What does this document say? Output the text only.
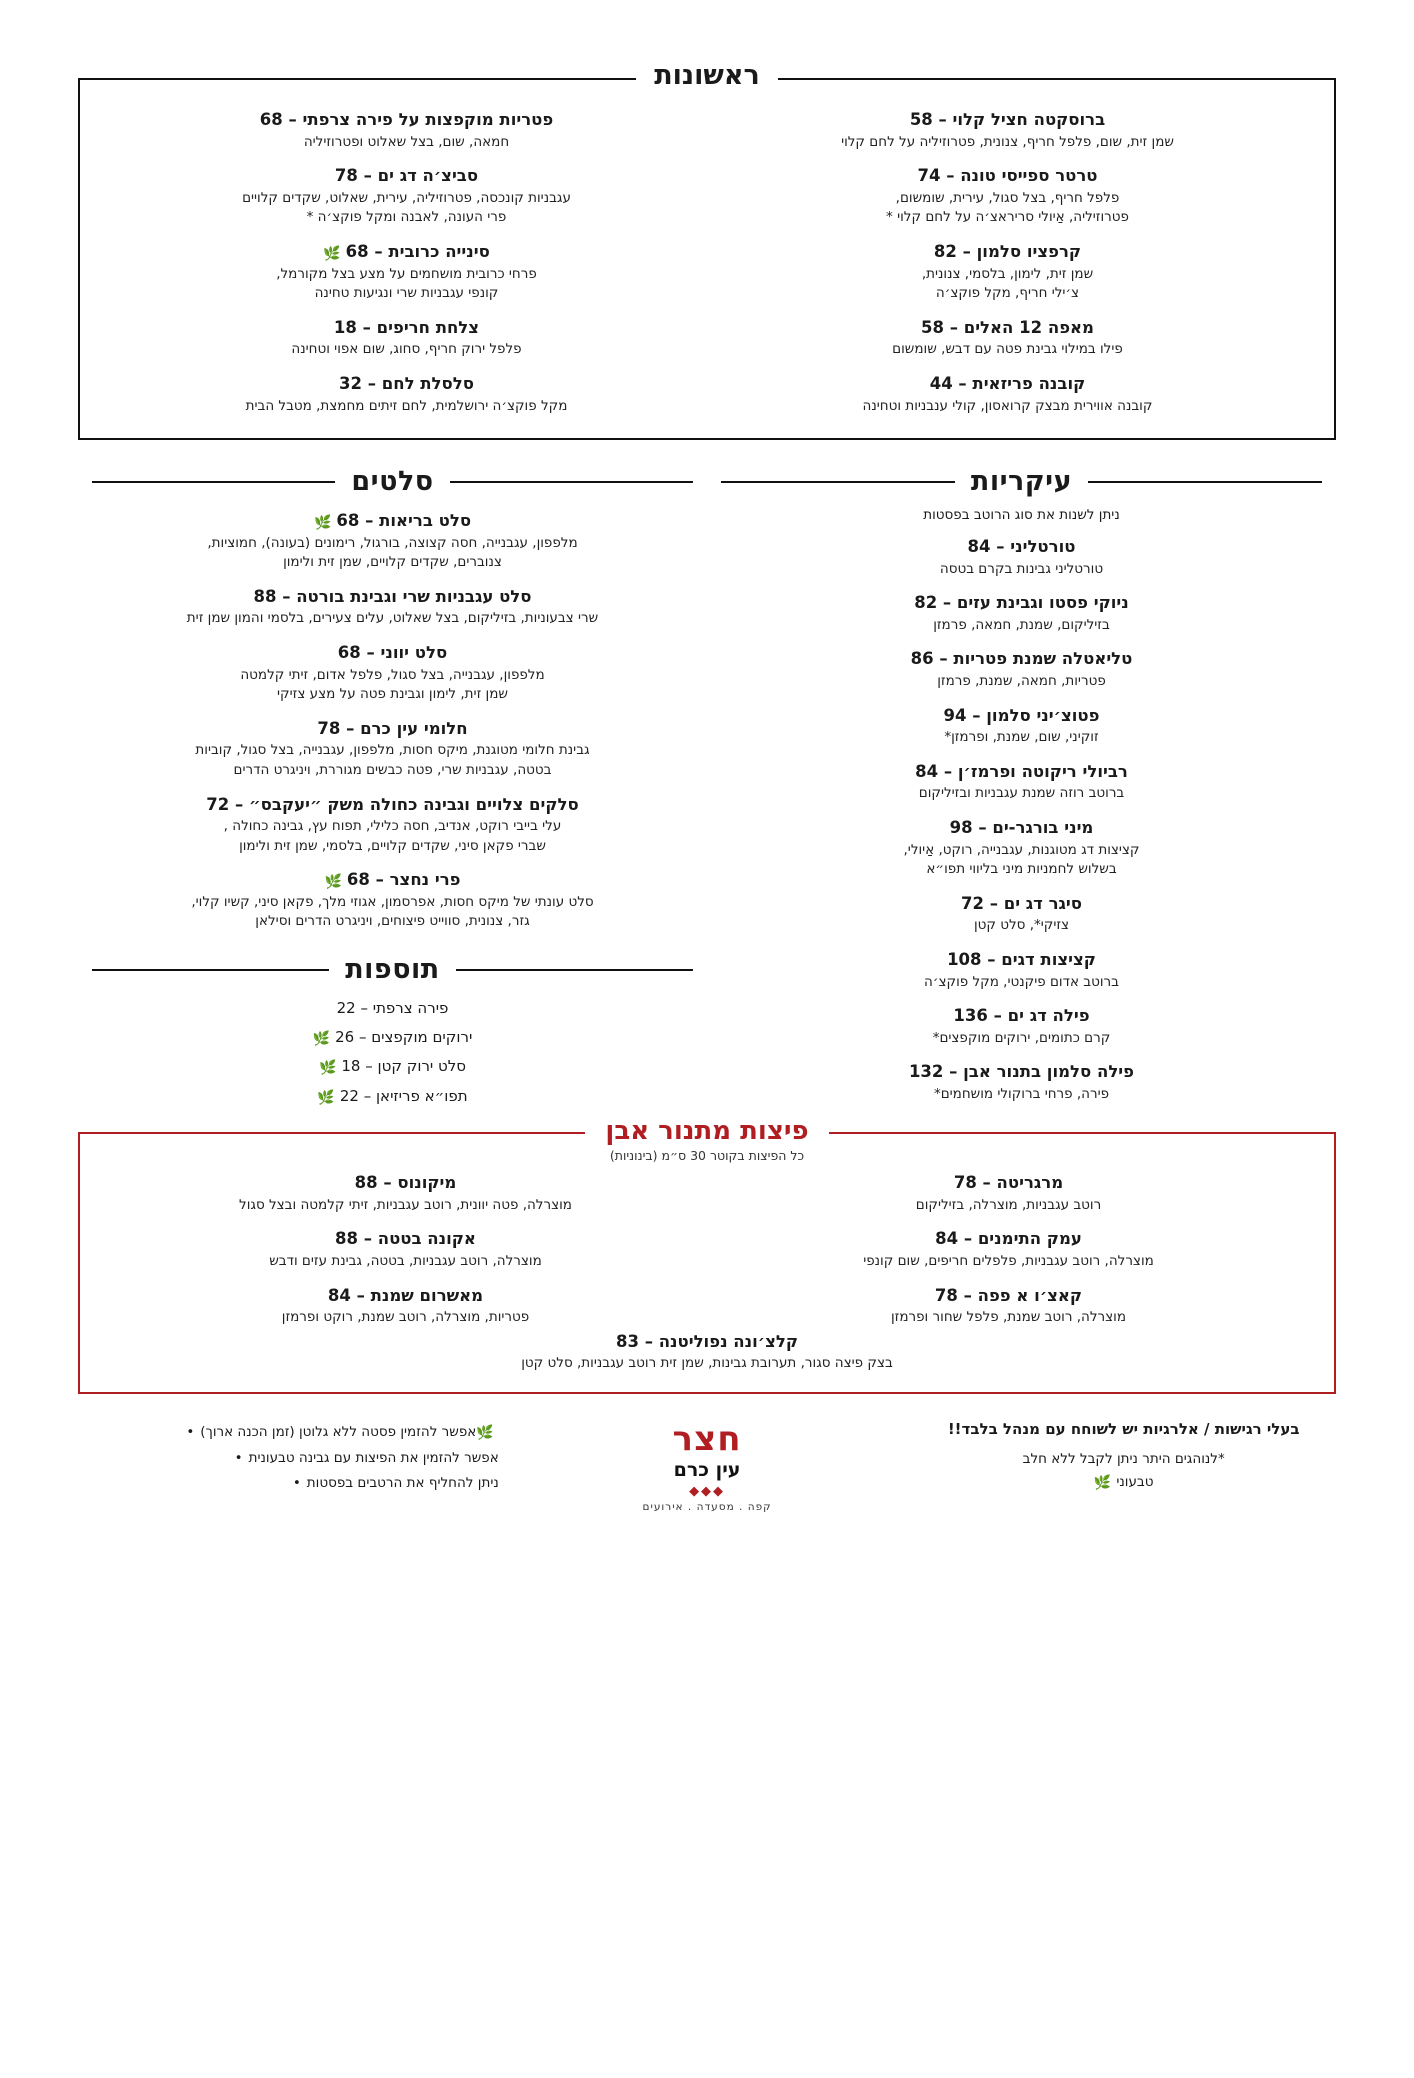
ראשונות
ברוסקטה חציל קלוי – 58
שמן זית, שום, פלפל חריף, צנונית, פטרוזיליה על לחם קלוי
טרטר ספייסי טונה – 74
פלפל חריף, בצל סגול, עירית, שומשום,
פטרוזיליה, אַיולי סריראצ׳ה על לחם קלוי *
קרפציו סלמון – 82
שמן זית, לימון, בלסמי, צנונית,
צ׳ילי חריף, מקל פוקצ׳ה
מאפה 12 האלים – 58
פילו במילוי גבינת פטה עם דבש, שומשום
קובנה פריזאית – 44
קובנה אווירית מבצק קרואסון, קולי ענבניות וטחינה
פטריות מוקפצות על פירה צרפתי – 68
חמאה, שום, בצל שאלוט ופטרוזיליה
סביצ׳ה דג ים – 78
עגבניות קונכסה, פטרוזיליה, עירית, שאלוט, שקדים קלויים
פרי העונה, לאבנה ומקל פוקצ׳ה *
סינייה כרובית – 68🌿
פרחי כרובית מושחמים על מצע בצל מקורמל,
קונפי עגבניות שרי ונגיעות טחינה
צלחת חריפים – 18
פלפל ירוק חריף, סחוג, שום אפוי וטחינה
סלסלת לחם – 32
מקל פוקצ׳ה ירושלמית, לחם זיתים מחמצת, מטבל הבית
עיקריות
ניתן לשנות את סוג הרוטב בפסטות
טורטליני – 84
טורטליני גבינות בקרם בטסה
ניוקי פסטו וגבינת עזים – 82
בזיליקום, שמנת, חמאה, פרמזן
טליאטלה שמנת פטריות – 86
פטריות, חמאה, שמנת, פרמזן
פטוצ׳יני סלמון – 94
זוקיני, שום, שמנת, ופרמזן*
רביולי ריקוטה ופרמז׳ן – 84
ברוטב רוזה שמנת עגבניות ובזיליקום
מיני בורגר-ים – 98
קציצות דג מטוגנות, עגבנייה, רוקט, אַיולי,
בשלוש לחמניות מיני בליווי תפו״א
סיגר דג ים – 72
צזיקי*, סלט קטן
קציצות דגים – 108
ברוטב אדום פיקנטי, מקל פוקצ׳ה
פילה דג ים – 136
קרם כתומים, ירוקים מוקפצים*
פילה סלמון בתנור אבן – 132
פירה, פרחי ברוקולי מושחמים*
סלטים
סלט בריאות – 68🌿
מלפפון, עגבנייה, חסה קצוצה, בורגול, רימונים (בעונה), חמוציות,
צנוברים, שקדים קלויים, שמן זית ולימון
סלט עגבניות שרי וגבינת בורטה – 88
שרי צבעוניות, בזיליקום, בצל שאלוט, עלים צעירים, בלסמי והמון שמן זית
סלט יווני – 68
מלפפון, עגבנייה, בצל סגול, פלפל אדום, זיתי קלמטה
שמן זית, לימון וגבינת פטה על מצע צזיקי
חלומי עין כרם – 78
גבינת חלומי מטוגנת, מיקס חסות, מלפפון, עגבנייה, בצל סגול, קוביות
בטטה, עגבניות שרי, פטה כבשים מגוררת, ויניגרט הדרים
סלקים צלויים וגבינה כחולה משק ״יעקבס״ – 72
עלי בייבי רוקט, אנדיב, חסה כלילי, תפוח עץ, גבינה כחולה ,
שברי פקאן סיני, שקדים קלויים, בלסמי, שמן זית ולימון
פרי נחצר – 68🌿
סלט עונתי של מיקס חסות, אפרסמון, אגוזי מלך, פקאן סיני, קשיו קלוי,
גזר, צנונית, סווייט פיצוחים, ויניגרט הדרים וסילאן
תוספות
פירה צרפתי – 22
ירוקים מוקפצים – 26🌿
סלט ירוק קטן – 18🌿
תפו״א פריזיאן – 22🌿
פיצות מתנור אבן
כל הפיצות בקוטר 30 ס״מ (בינוניות)
מרגריטה – 78
רוטב עגבניות, מוצרלה, בזיליקום
עמק התימנים – 84
מוצרלה, רוטב עגבניות, פלפלים חריפים, שום קונפי
קאצ׳ו א פפה – 78
מוצרלה, רוטב שמנת, פלפל שחור ופרמזן
מיקונוס – 88
מוצרלה, פטה יוונית, רוטב עגבניות, זיתי קלמטה ובצל סגול
אקונה בטטה – 88
מוצרלה, רוטב עגבניות, בטטה, גבינת עזים ודבש
מאשרום שמנת – 84
פטריות, מוצרלה, רוטב שמנת, רוקט ופרמזן
קלצ׳ונה נפוליטנה – 83
בצק פיצה סגור, תערובת גבינות, שמן זית רוטב עגבניות, סלט קטן
בעלי רגישות / אלרגיות יש לשוחח עם מנהל בלבד!!
*לנוהגים היתר ניתן לקבל ללא חלב
טבעוני🌿
חצר
עין כרם
◆◆◆
קפה . מסעדה . אירועים
🌿אפשר להזמין פסטה ללא גלוטן (זמן הכנה ארוך)•
אפשר להזמין את הפיצות עם גבינה טבעונית•
ניתן להחליף את הרטבים בפסטות•
